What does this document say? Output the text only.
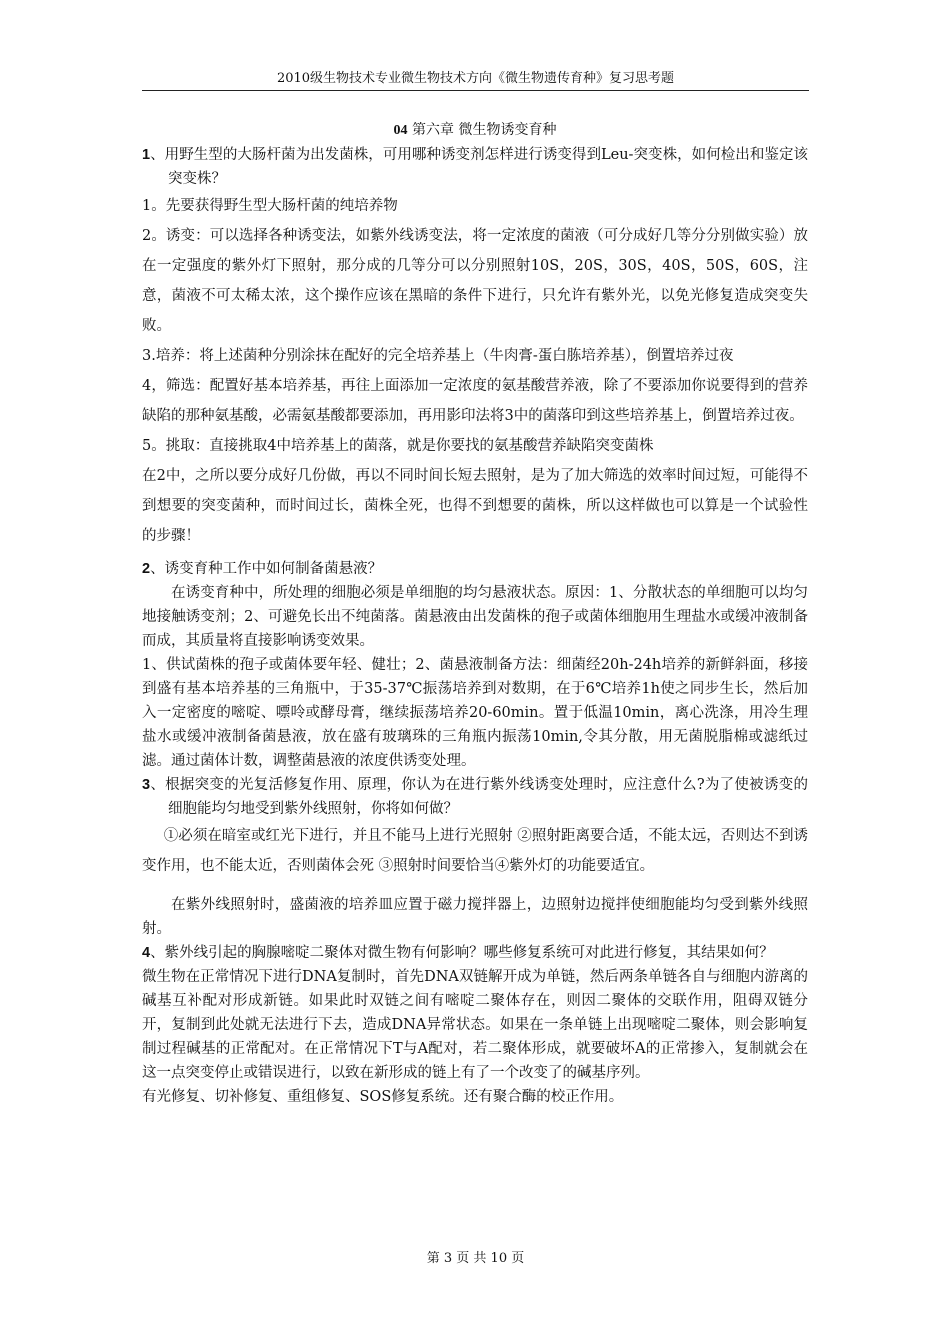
2010级生物技术专业微生物技术方向《微生物遗传育种》复习思考题
04 第六章 微生物诱变育种

1、用野生型的大肠杆菌为出发菌株，可用哪种诱变剂怎样进行诱变得到Leu-突变株，如何检出和鉴定该突变株？

1。先要获得野生型大肠杆菌的纯培养物

2。诱变：可以选择各种诱变法，如紫外线诱变法，将一定浓度的菌液（可分成好几等分分别做实验）放在一定强度的紫外灯下照射，那分成的几等分可以分别照射10S，20S，30S，40S，50S，60S，注意，菌液不可太稀太浓，这个操作应该在黑暗的条件下进行，只允许有紫外光，以免光修复造成突变失败。

3.培养：将上述菌种分别涂抹在配好的完全培养基上（牛肉膏-蛋白胨培养基），倒置培养过夜

4，筛选：配置好基本培养基，再往上面添加一定浓度的氨基酸营养液，除了不要添加你说要得到的营养缺陷的那种氨基酸，必需氨基酸都要添加，再用影印法将3中的菌落印到这些培养基上，倒置培养过夜。

5。挑取：直接挑取4中培养基上的菌落，就是你要找的氨基酸营养缺陷突变菌株

在2中，之所以要分成好几份做，再以不同时间长短去照射，是为了加大筛选的效率时间过短，可能得不到想要的突变菌种，而时间过长，菌株全死，也得不到想要的菌株，所以这样做也可以算是一个试验性的步骤！

2、诱变育种工作中如何制备菌悬液？

在诱变育种中，所处理的细胞必须是单细胞的均匀悬液状态。原因：1、分散状态的单细胞可以均匀地接触诱变剂；2、可避免长出不纯菌落。菌悬液由出发菌株的孢子或菌体细胞用生理盐水或缓冲液制备而成，其质量将直接影响诱变效果。

1、供试菌株的孢子或菌体要年轻、健壮；2、菌悬液制备方法：细菌经20h-24h培养的新鲜斜面，移接到盛有基本培养基的三角瓶中，于35-37℃振荡培养到对数期，在于6℃培养1h使之同步生长，然后加入一定密度的嘧啶、嘌呤或酵母膏，继续振荡培养20-60min。置于低温10min，离心洗涤，用冷生理盐水或缓冲液制备菌悬液，放在盛有玻璃珠的三角瓶内振荡10min,令其分散，用无菌脱脂棉或滤纸过滤。通过菌体计数，调整菌悬液的浓度供诱变处理。

3、根据突变的光复活修复作用、原理，你认为在进行紫外线诱变处理时，应注意什么?为了使被诱变的细胞能均匀地受到紫外线照射，你将如何做？

①必须在暗室或红光下进行，并且不能马上进行光照射 ②照射距离要合适，不能太远，否则达不到诱变作用，也不能太近，否则菌体会死 ③照射时间要恰当④紫外灯的功能要适宜。

在紫外线照射时，盛菌液的培养皿应置于磁力搅拌器上，边照射边搅拌使细胞能均匀受到紫外线照射。

4、紫外线引起的胸腺嘧啶二聚体对微生物有何影响？哪些修复系统可对此进行修复，其结果如何？

微生物在正常情况下进行DNA复制时，首先DNA双链解开成为单链，然后两条单链各自与细胞内游离的碱基互补配对形成新链。如果此时双链之间有嘧啶二聚体存在，则因二聚体的交联作用，阻碍双链分开，复制到此处就无法进行下去，造成DNA异常状态。如果在一条单链上出现嘧啶二聚体，则会影响复制过程碱基的正常配对。在正常情况下T与A配对，若二聚体形成，就要破坏A的正常掺入，复制就会在这一点突变停止或错误进行，以致在新形成的链上有了一个改变了的碱基序列。

有光修复、切补修复、重组修复、SOS修复系统。还有聚合酶的校正作用。

第 3 页 共 10 页
